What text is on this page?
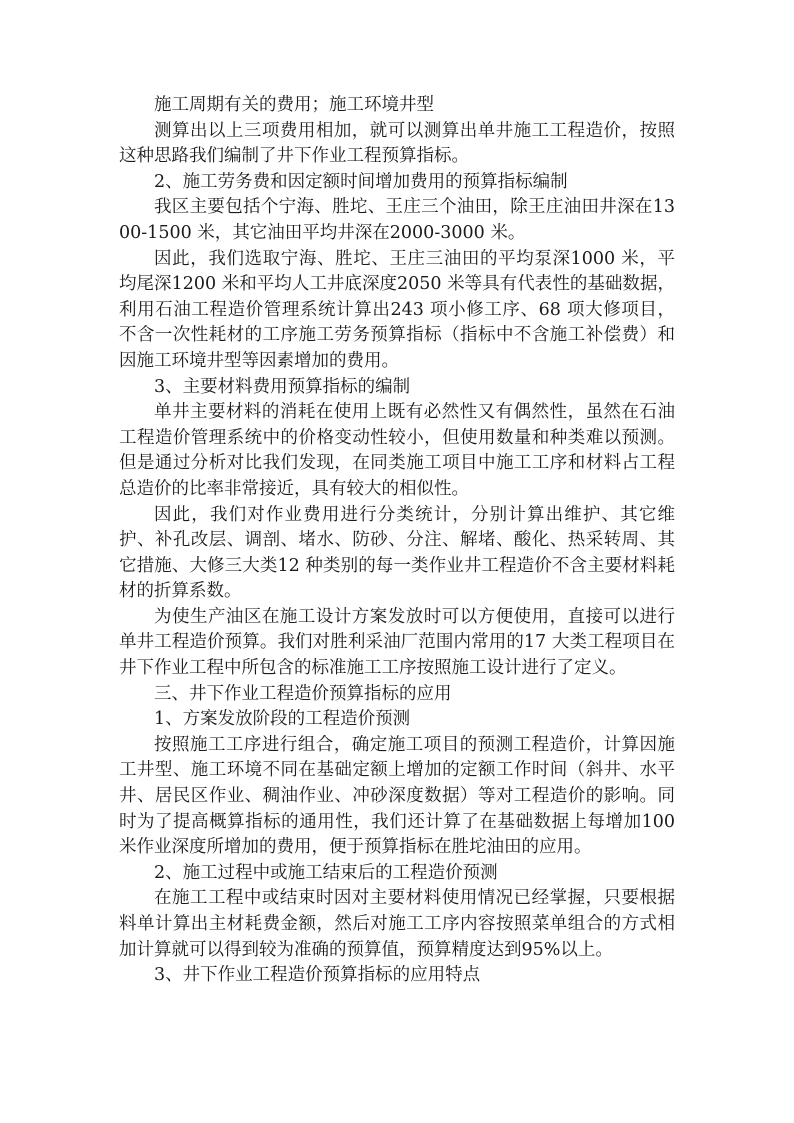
施工周期有关的费用；施工环境井型

测算出以上三项费用相加，就可以测算出单井施工工程造价，按照这种思路我们编制了井下作业工程预算指标。

2、施工劳务费和因定额时间增加费用的预算指标编制

我区主要包括个宁海、胜坨、王庄三个油田，除王庄油田井深在1300-1500 米，其它油田平均井深在2000-3000 米。

因此，我们选取宁海、胜坨、王庄三油田的平均泵深1000 米，平均尾深1200 米和平均人工井底深度2050 米等具有代表性的基础数据，利用石油工程造价管理系统计算出243 项小修工序、68 项大修项目，不含一次性耗材的工序施工劳务预算指标（指标中不含施工补偿费）和因施工环境井型等因素增加的费用。

3、主要材料费用预算指标的编制

单井主要材料的消耗在使用上既有必然性又有偶然性，虽然在石油工程造价管理系统中的价格变动性较小，但使用数量和种类难以预测。但是通过分析对比我们发现，在同类施工项目中施工工序和材料占工程总造价的比率非常接近，具有较大的相似性。

因此，我们对作业费用进行分类统计，分别计算出维护、其它维护、补孔改层、调剖、堵水、防砂、分注、解堵、酸化、热采转周、其它措施、大修三大类12 种类别的每一类作业井工程造价不含主要材料耗材的折算系数。

为使生产油区在施工设计方案发放时可以方便使用，直接可以进行单井工程造价预算。我们对胜利采油厂范围内常用的17 大类工程项目在井下作业工程中所包含的标准施工工序按照施工设计进行了定义。

三、井下作业工程造价预算指标的应用

1、方案发放阶段的工程造价预测

按照施工工序进行组合，确定施工项目的预测工程造价，计算因施工井型、施工环境不同在基础定额上增加的定额工作时间（斜井、水平井、居民区作业、稠油作业、冲砂深度数据）等对工程造价的影响。同时为了提高概算指标的通用性，我们还计算了在基础数据上每增加100 米作业深度所增加的费用，便于预算指标在胜坨油田的应用。

2、施工过程中或施工结束后的工程造价预测

在施工工程中或结束时因对主要材料使用情况已经掌握，只要根据料单计算出主材耗费金额，然后对施工工序内容按照菜单组合的方式相加计算就可以得到较为准确的预算值，预算精度达到95%以上。

3、井下作业工程造价预算指标的应用特点
